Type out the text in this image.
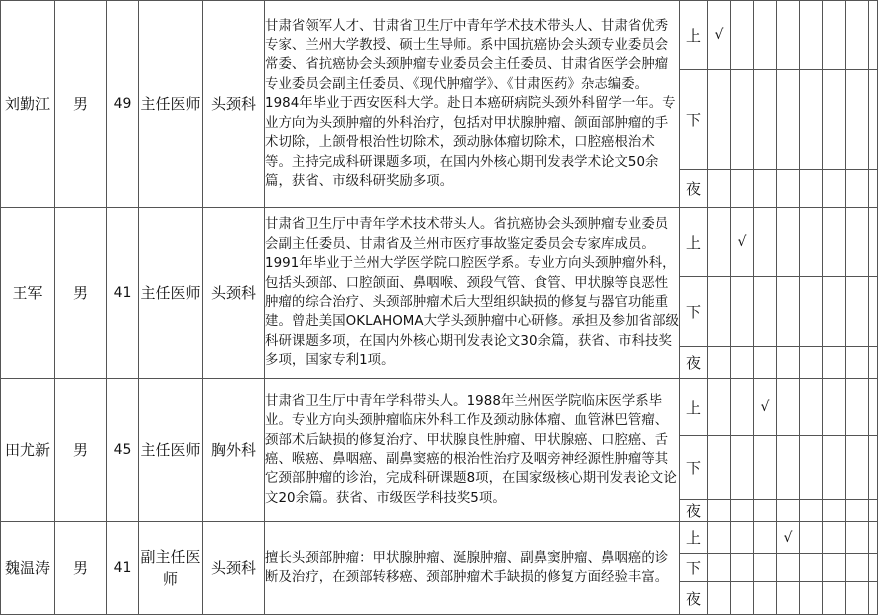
刘勤江	男	49	主任医师	头颈科	甘肃省领军人才、甘肃省卫生厅中青年学术技术带头人、甘肃省优秀专家、兰州大学教授、硕士生导师。系中国抗癌协会头颈专业委员会常委、省抗癌协会头颈肿瘤专业委员会主任委员、甘肃省医学会肿瘤专业委员会副主任委员、《现代肿瘤学》、《甘肃医药》杂志编委。1984年毕业于西安医科大学。赴日本癌研病院头颈外科留学一年。专业方向为头颈肿瘤的外科治疗，包括对甲状腺肿瘤、颌面部肿瘤的手术切除，上颌骨根治性切除术，颈动脉体瘤切除术，口腔癌根治术等。主持完成科研课题多项，在国内外核心期刊发表学术论文50余篇，获省、市级科研奖励多项。	上	√							

						下								
						夜								
王军	男	41	主任医师	头颈科	甘肃省卫生厅中青年学术技术带头人。省抗癌协会头颈肿瘤专业委员会副主任委员、甘肃省及兰州市医疗事故鉴定委员会专家库成员。1991年毕业于兰州大学医学院口腔医学系。专业方向头颈肿瘤外科，包括头颈部、口腔颌面、鼻咽喉、颈段气管、食管、甲状腺等良恶性肿瘤的综合治疗、头颈部肿瘤术后大型组织缺损的修复与器官功能重建。曾赴美国OKLAHOMA大学头颈肿瘤中心研修。承担及参加省部级科研课题多项，在国内外核心期刊发表论文30余篇，获省、市科技奖多项，国家专利1项。	上		√						

						下								
						夜								
田尤新	男	45	主任医师	胸外科	甘肃省卫生厅中青年学科带头人。1988年兰州医学院临床医学系毕业。专业方向头颈肿瘤临床外科工作及颈动脉体瘤、血管淋巴管瘤、颈部术后缺损的修复治疗、甲状腺良性肿瘤、甲状腺癌、口腔癌、舌癌、喉癌、鼻咽癌、副鼻窦癌的根治性治疗及咽旁神经源性肿瘤等其它颈部肿瘤的诊治，完成科研课题8项，在国家级核心期刊发表论文论文20余篇。获省、市级医学科技奖5项。	上			√					

						下								
						夜								
魏温涛	男	41	副主任医师	头颈科	擅长头颈部肿瘤：甲状腺肿瘤、涎腺肿瘤、副鼻窦肿瘤、鼻咽癌的诊断及治疗，在颈部转移癌、颈部肿瘤术手缺损的修复方面经验丰富。	上				√				

						下								
						夜								
